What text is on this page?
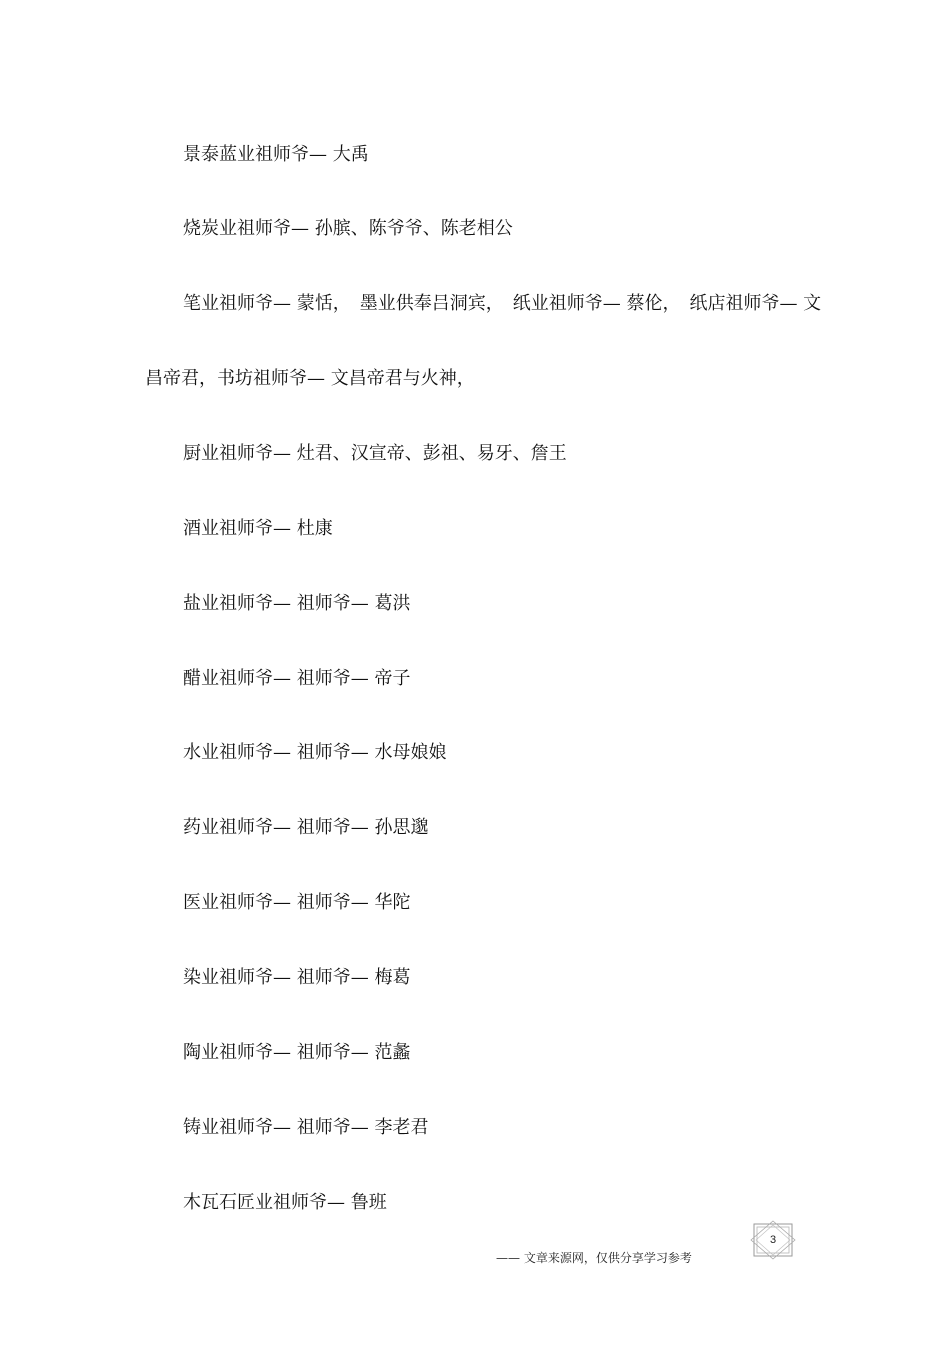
景泰蓝业祖师爷— 大禹
烧炭业祖师爷— 孙膑、陈爷爷、陈老相公
笔业祖师爷— 蒙恬，　墨业供奉吕洞宾，　纸业祖师爷— 蔡伦，　纸店祖师爷— 文
昌帝君，书坊祖师爷— 文昌帝君与火神，
厨业祖师爷— 灶君、汉宣帝、彭祖、易牙、詹王
酒业祖师爷— 杜康
盐业祖师爷— 祖师爷— 葛洪
醋业祖师爷— 祖师爷— 帝子
水业祖师爷— 祖师爷— 水母娘娘
药业祖师爷— 祖师爷— 孙思邈
医业祖师爷— 祖师爷— 华陀
染业祖师爷— 祖师爷— 梅葛
陶业祖师爷— 祖师爷— 范蠡
铸业祖师爷— 祖师爷— 李老君
木瓦石匠业祖师爷— 鲁班
3
—— 文章来源网，仅供分享学习参考
